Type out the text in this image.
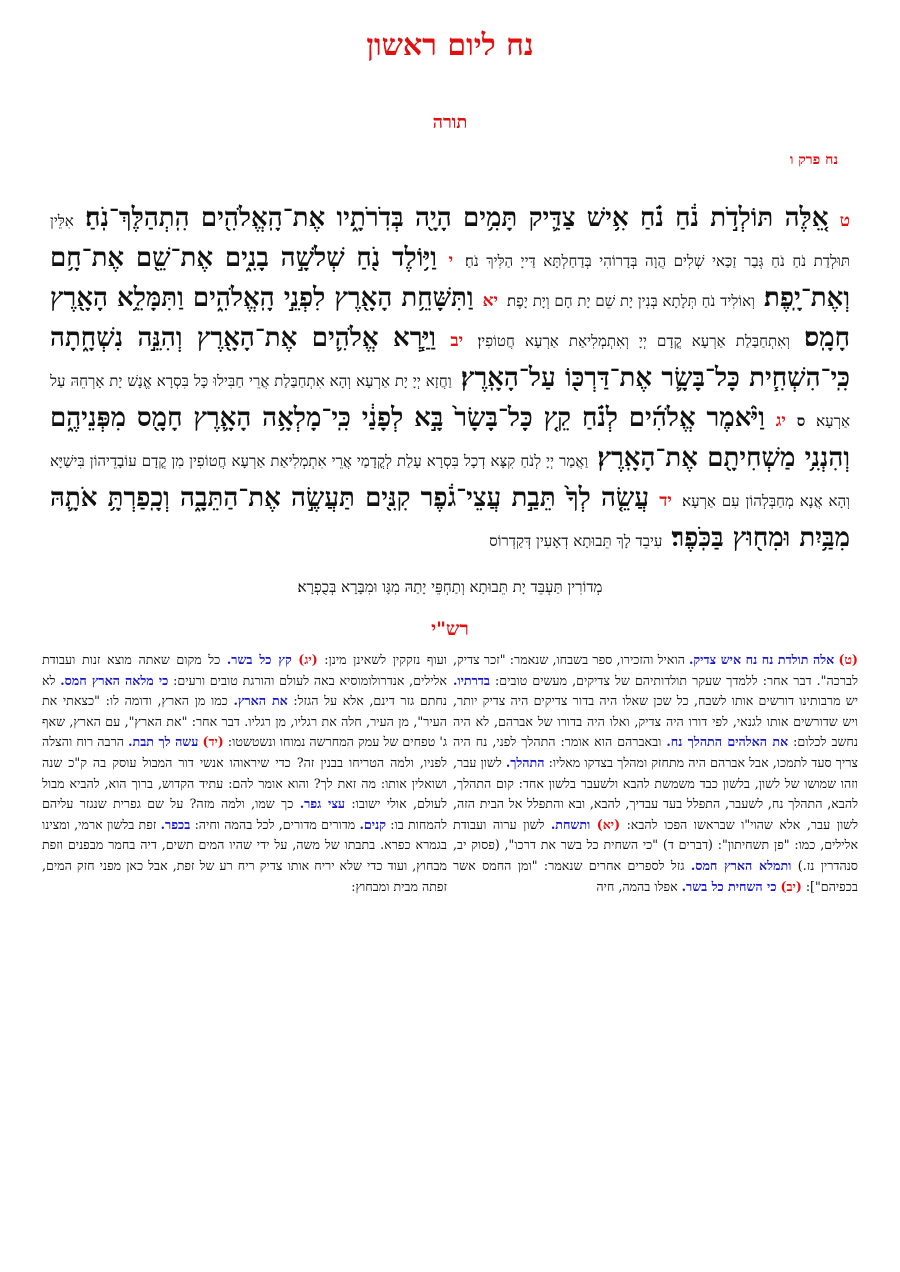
נח ליום ראשון
תורה
נח פרק ו
ט אֵ֚לֶּה תּוֹלְדֹ֣ת נֹ֔חַ נֹ֗חַ אִ֥ישׁ צַדִּ֛יק תָּמִ֥ים הָיָ֖ה בְּדֹֽרֹתָ֑יו אֶת־הָֽאֱלֹהִ֖ים הִֽתְהַלֶּךְ־נֹֽחַ׃ אִלֵּין תּוּלְדַת נֹחַ נֹחַ גְּבַר זַכַּאי שְׁלִים הֲוָה בְּדָרוֹהִי בְּדַחַלְתָּא דַּייָ הַלִּיךְ נֹחַ׃ י וַיּ֥וֹלֶד נֹ֖חַ שְׁלֹשָׁ֣ה בָנִ֑ים אֶת־שֵׁ֖ם אֶת־חָ֥ם וְאֶת־יָֽפֶת׃ וְאוֹלִיד נֹחַ תְּלָתָא בְּנִין יָת שֵׁם יָת חָם וְיָת יָפֶת׃ יא וַתִּשָּׁחֵ֥ת הָאָ֖רֶץ לִפְנֵ֣י הָֽאֱלֹהִ֑ים וַתִּמָּלֵ֥א הָאָ֖רֶץ חָמָֽס׃ וְאִתְחַבַּלַת אַרְעָא קֳדָם יְיָ וְאִתְמְלִיאַת אַרְעָא חֲטוֹפִין׃ יב וַיַּ֧רְא אֱלֹהִ֛ים אֶת־הָאָ֖רֶץ וְהִנֵּ֣ה נִשְׁחָ֑תָה כִּֽי־הִשְׁחִ֧ית כָּל־בָּשָׂ֛ר אֶת־דַּרְכּ֖וֹ עַל־הָאָֽרֶץ׃ וַחֲזָא יְיָ יָת אַרְעָא וְהָא אִתְחַבַּלַת אֲרֵי חַבִּילוּ כָּל בִּסְרָא אֱנָשׁ יָת אָרְחֵהּ עַל אַרְעָא׃ ס יג וַיֹּ֨אמֶר אֱלֹהִ֜ים לְנֹ֗חַ קֵ֤ץ כָּל־בָּשָׂר֙ בָּ֣א לְפָנַ֔י כִּֽי־מָלְאָ֥ה הָאָ֛רֶץ חָמָ֖ס מִפְּנֵיהֶ֑ם וְהִנְנִ֥י מַשְׁחִיתָ֖ם אֶת־הָאָֽרֶץ׃ וַאֲמַר יְיָ לְנֹחַ קִצָּא דְכָל בִּסְרָא עָלַת לְקֳדָמַי אֲרֵי אִתְמְלִיאַת אַרְעָא חֲטוֹפִין מִן קֳדָם עוֹבָדֵיהוֹן בִּישַׁיָּא וְהָא אֲנָא מְחַבְּלְהוֹן עִם אַרְעָא׃ יד עֲשֵׂ֤ה לְךָ֙ תֵּבַ֣ת עֲצֵי־גֹ֔פֶר קִנִּ֖ים תַּעֲשֶׂ֣ה אֶת־הַתֵּבָ֑ה וְכָֽפַרְתָּ֥ אֹתָ֛הּ מִבַּ֥יִת וּמִח֖וּץ בַּכֹּֽפֶר׃ עִיבֵד לָךְ תֵּבוּתָא דְאָעִין דְּקַדְרוֹס
מְדוֹרִין תַּעְבֵּד יָת תֵּבוּתָא וְתַחְפֵּי יָתַהּ מִגָּו וּמִבָּרָא בְּכֻפְרָא׃
רש"י

(ט) אלה תולדת נח נח איש צדיק. הואיל והזכירו, ספר בשבחו, שנאמר: "זכר צדיק, לברכה". דבר אחר: ללמדך שעקר תולדותיהם של צדיקים, מעשים טובים: בדרתיו. יש מרבותינו דורשים אותו לשבח, כל שכן שאלו היה בדור צדיקים היה צדיק יותר, ויש שדורשים אותו לגנאי, לפי דורו היה צדיק, ואלו היה בדורו של אברהם, לא היה נחשב לכלום: את האלהים התהלך נח. ובאברהם הוא אומר: התהלך לפני, נח היה צריך סעד לתמכו, אבל אברהם היה מתחזק ומהלך בצדקו מאליו: התהלך. לשון עבר, וזהו שמושו של לשון, בלשון כבד משמשת להבא ולשעבר בלשון אחד: קום התהלך, להבא, התהלך נח, לשעבר, התפלל בעד עבדיך, להבא, ובא והתפלל אל הבית הזה, לשון עבר, אלא שהוי"ו שבראשו הפכו להבא: (יא) ותשחת. לשון ערוה ועבודת אלילים, כמו: "פן תשחיתון": (דברים ד) "כי השחית כל בשר את דרכו", (פסוק יב, סנהדרין נז.) ותמלא הארץ חמס. גזל לספרים אחרים שנאמר: "ומן החמס אשר בכפיהם"]: (יב) כי השחית כל בשר. אפלו בהמה, חיה

ועוף נזקקין לשאינן מינן: (יג) קץ כל בשר. כל מקום שאתה מוצא זנות ועבודת אלילים, אנדרולומוסיא באה לעולם והורגת טובים ורעים: כי מלאה הארץ חמס. לא נחתם גזר דינם, אלא על הגזל: את הארץ. כמו מן הארץ, ודומה לו: "כצאתי את העיר", מן העיר, חלה את רגליו, מן רגליו. דבר אחר: "את הארץ", עם הארץ, שאף ג' טפחים של עמק המחרשה נמוחו ונשטשטו: (יד) עשה לך תבת. הרבה רוח והצלה לפניו, ולמה הטריחו בבנין זה? כדי שיראוהו אנשי דור המבול עוסק בה ק"כ שנה ושואלין אותו: מה זאת לך? והוא אומר להם: עתיד הקדוש, ברוך הוא, להביא מבול לעולם, אולי ישובו: עצי גפר. כך שמו, ולמה מזה? על שם גפרית שנגזר עליהם להמחות בו: קנים. מדורים מדורים, לכל בהמה וחיה: בכפר. זפת בלשון ארמי, ומצינו בגמרא כפרא. בתבתו של משה, על ידי שהיו המים תשים, דיה בחמר מבפנים וזפת מבחוץ, ועוד כדי שלא יריח אותו צדיק ריח רע של זפת, אבל כאן מפני חזק המים, זפתה מבית ומבחוץ:
